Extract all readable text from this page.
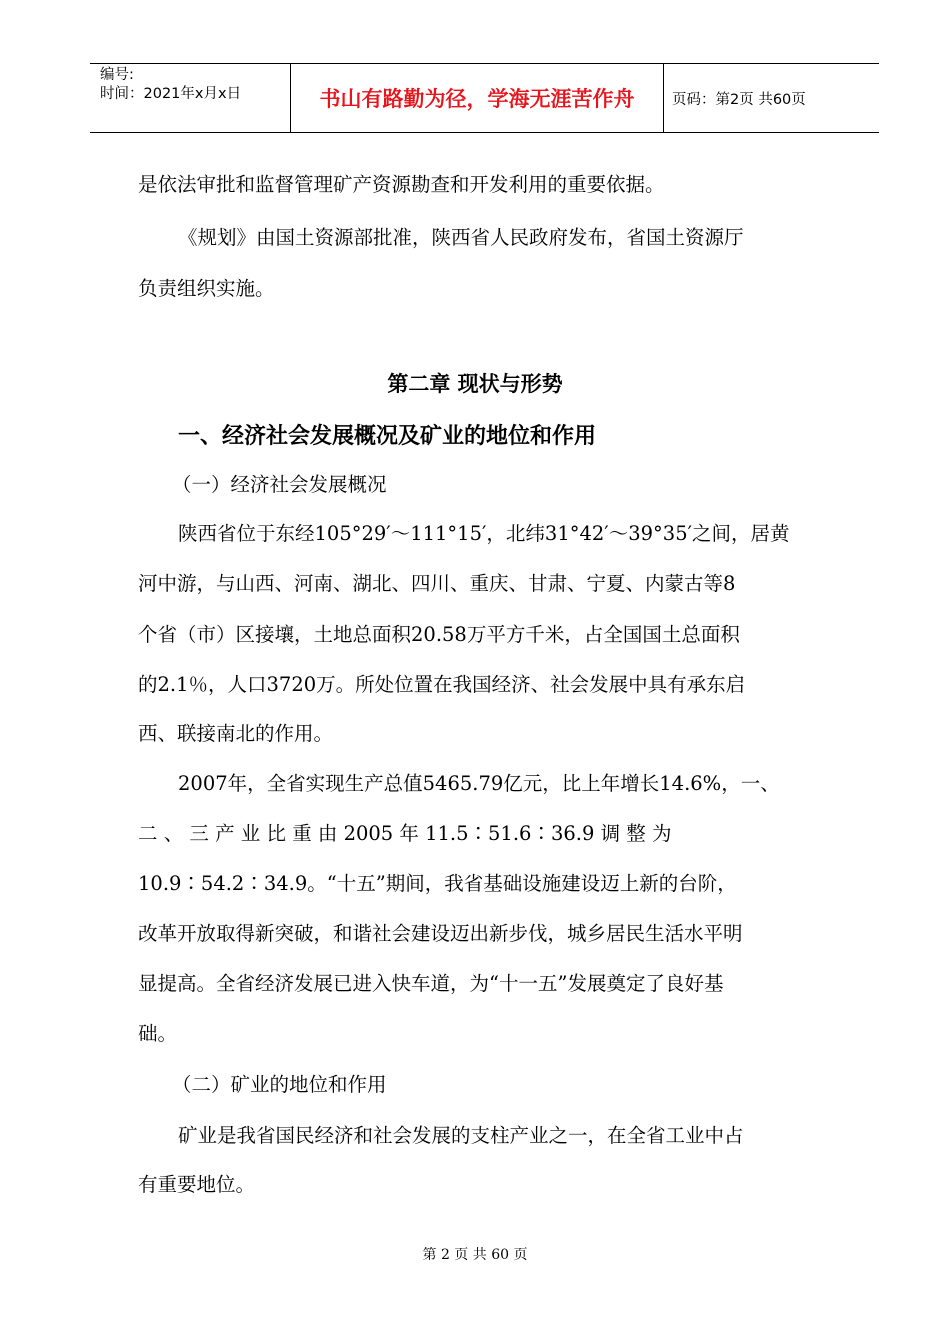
编号:
时间：2021年x月x日	书山有路勤为径，学海无涯苦作舟	页码：第2页 共60页
是依法审批和监督管理矿产资源勘查和开发利用的重要依据。
《规划》由国土资源部批准，陕西省人民政府发布，省国土资源厅
负责组织实施。
第二章 现状与形势
一、经济社会发展概况及矿业的地位和作用
（一）经济社会发展概况
陕西省位于东经105°29′～111°15′，北纬31°42′～39°35′之间，居黄
河中游，与山西、河南、湖北、四川、重庆、甘肃、宁夏、内蒙古等8
个省（市）区接壤，土地总面积20.58万平方千米，占全国国土总面积
的2.1％，人口3720万。所处位置在我国经济、社会发展中具有承东启
西、联接南北的作用。
2007年，全省实现生产总值5465.79亿元，比上年增长14.6%，一、
二 、 三 产 业 比 重 由 2005 年 11.5∶51.6∶36.9 调 整 为
10.9∶54.2∶34.9。“十五”期间，我省基础设施建设迈上新的台阶，
改革开放取得新突破，和谐社会建设迈出新步伐，城乡居民生活水平明
显提高。全省经济发展已进入快车道，为“十一五”发展奠定了良好基
础。
（二）矿业的地位和作用
矿业是我省国民经济和社会发展的支柱产业之一，在全省工业中占
有重要地位。
第 2 页 共 60 页
